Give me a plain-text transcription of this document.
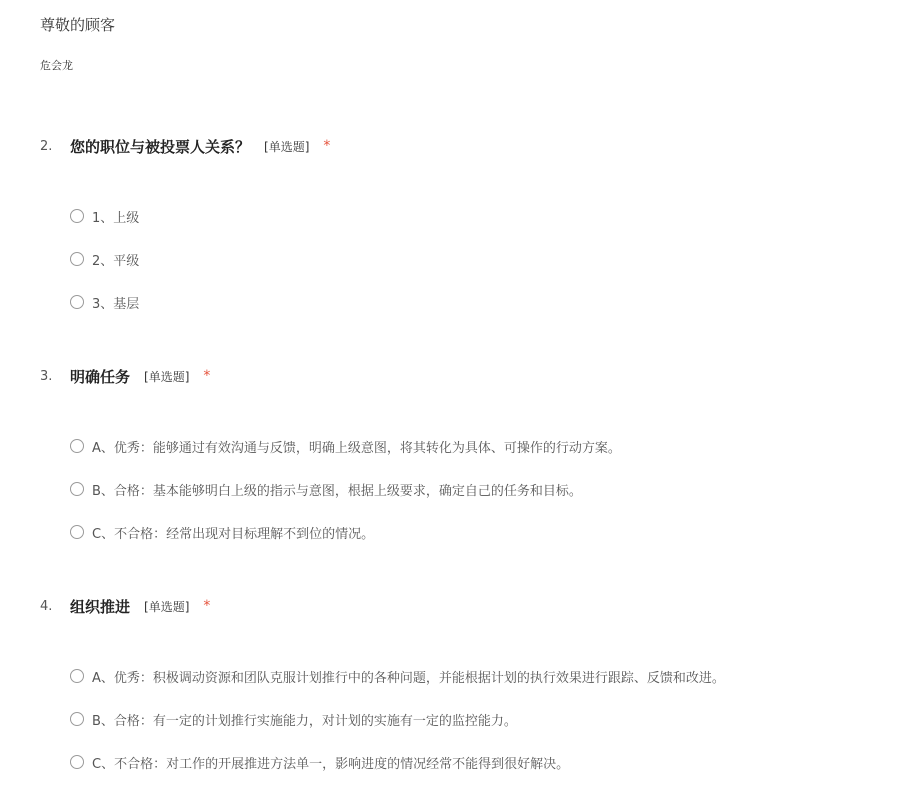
尊敬的顾客
危会龙
2.	您的职位与被投票人关系？ [单选题] *
1、上级
2、平级
3、基层
3.	明确任务 [单选题] *
A、优秀：能够通过有效沟通与反馈，明确上级意图，将其转化为具体、可操作的行动方案。
B、合格：基本能够明白上级的指示与意图，根据上级要求，确定自己的任务和目标。
C、不合格：经常出现对目标理解不到位的情况。
4.	组织推进 [单选题] *
A、优秀：积极调动资源和团队克服计划推行中的各种问题，并能根据计划的执行效果进行跟踪、反馈和改进。
B、合格：有一定的计划推行实施能力，对计划的实施有一定的监控能力。
C、不合格：对工作的开展推进方法单一，影响进度的情况经常不能得到很好解决。
